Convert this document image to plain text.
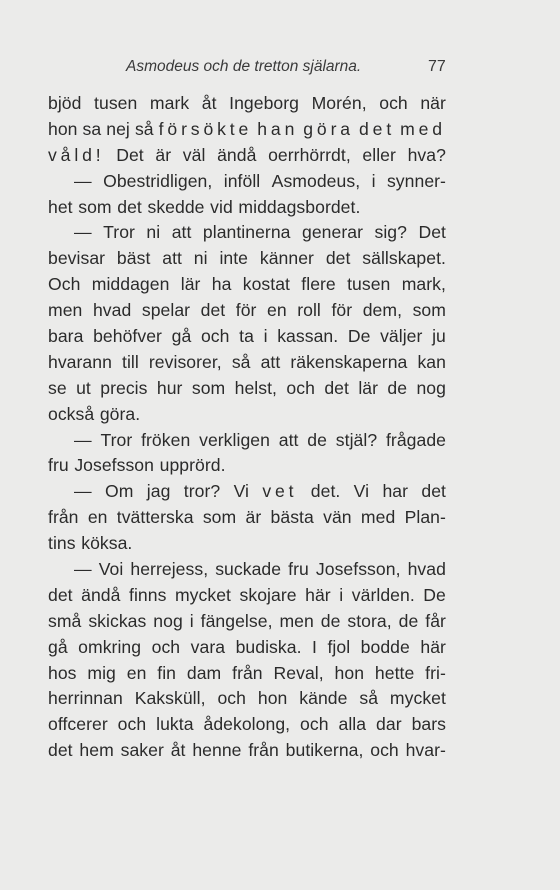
Asmodeus och de tretton själarna.	77
bjöd tusen mark åt Ingeborg Morén, och när
hon sa nej så försökte han göra det med
våld! Det är väl ändå oerrhörrdt, eller hva?
— Obestridligen, inföll Asmodeus, i synner-
het som det skedde vid middagsbordet.
— Tror ni att plantinerna generar sig? Det
bevisar bäst att ni inte känner det sällskapet.
Och middagen lär ha kostat flere tusen mark,
men hvad spelar det för en roll för dem, som
bara behöfver gå och ta i kassan. De väljer ju
hvarann till revisorer, så att räkenskaperna kan
se ut precis hur som helst, och det lär de nog
också göra.
— Tror fröken verkligen att de stjäl? frågade
fru Josefsson upprörd.
— Om jag tror? Vi vet det. Vi har det
från en tvätterska som är bästa vän med Plan-
tins köksa.
— Voi herrejess, suckade fru Josefsson, hvad
det ändå finns mycket skojare här i världen. De
små skickas nog i fängelse, men de stora, de får
gå omkring och vara budiska. I fjol bodde här
hos mig en fin dam från Reval, hon hette fri-
herrinnan Kaksküll, och hon kände så mycket
offcerer och lukta ådekolong, och alla dar bars
det hem saker åt henne från butikerna, och hvar-
